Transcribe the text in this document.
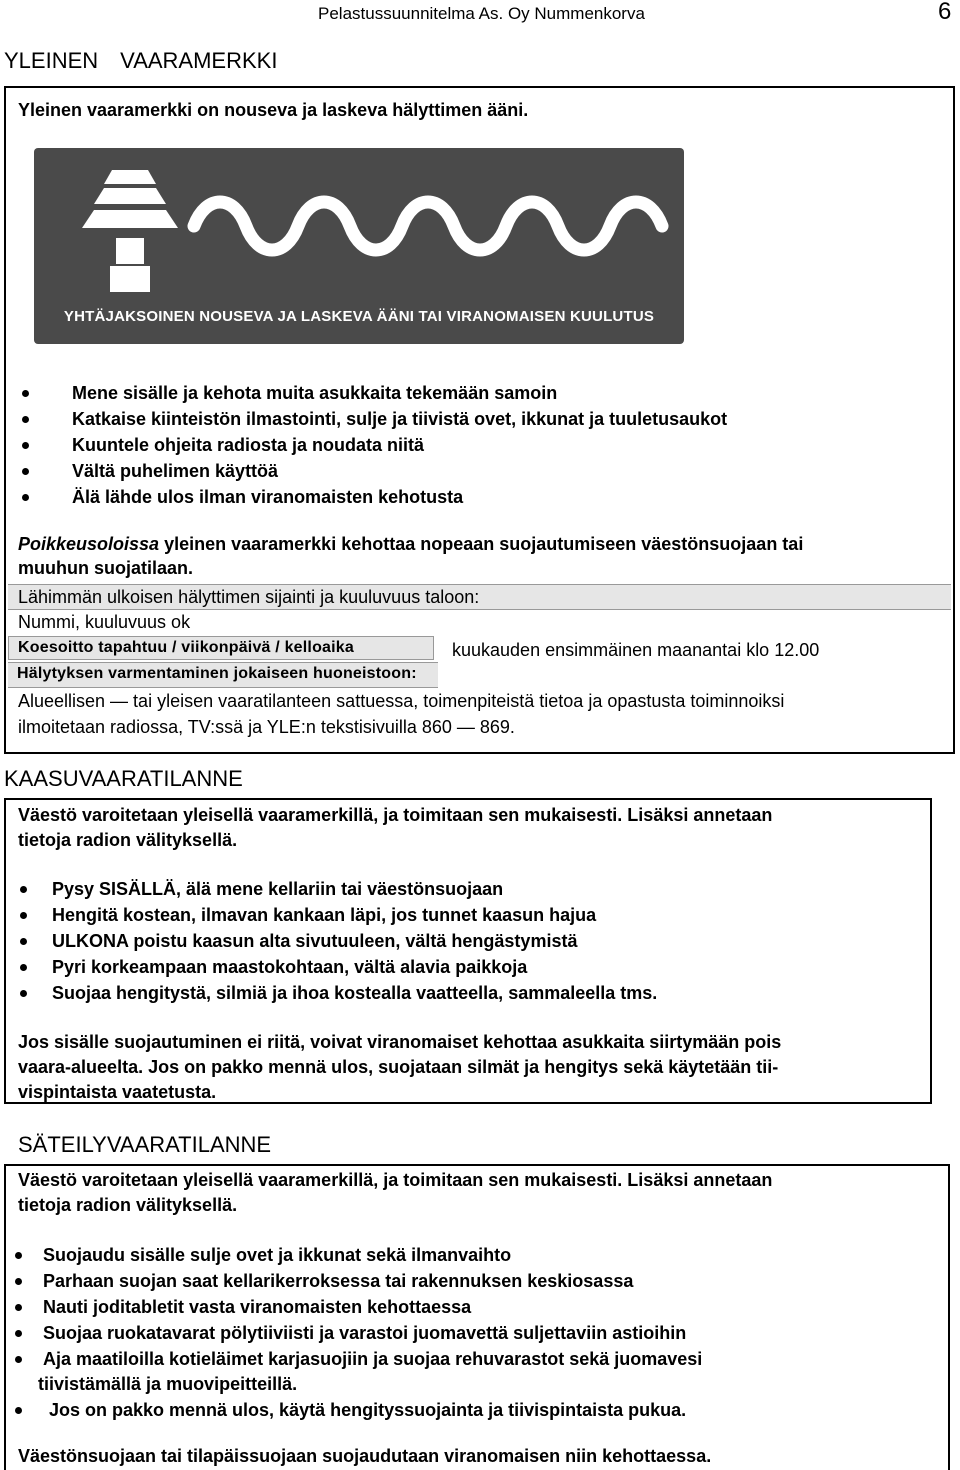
Pelastussuunnitelma As. Oy Nummenkorva	6
YLEINEN VAARAMERKKI
Yleinen vaaramerkki on nouseva ja laskeva hälyttimen ääni.
YHTÄJAKSOINEN NOUSEVA JA LASKEVA ÄÄNI TAI VIRANOMAISEN KUULUTUS
Mene sisälle ja kehota muita asukkaita tekemään samoin
Katkaise kiinteistön ilmastointi, sulje ja tiivistä ovet, ikkunat ja tuuletusaukot
Kuuntele ohjeita radiosta ja noudata niitä
Vältä puhelimen käyttöä
Älä lähde ulos ilman viranomaisten kehotusta
Poikkeusoloissa yleinen vaaramerkki kehottaa nopeaan suojautumiseen väestönsuojaan tai
muuhun suojatilaan.
Lähimmän ulkoisen hälyttimen sijainti ja kuuluvuus taloon:
Nummi, kuuluvuus ok
Koesoitto tapahtuu / viikonpäivä / kelloaika	kuukauden ensimmäinen maanantai klo 12.00
Hälytyksen varmentaminen jokaiseen huoneistoon:
Alueellisen — tai yleisen vaaratilanteen sattuessa, toimenpiteistä tietoa ja opastusta toiminnoiksi
ilmoitetaan radiossa, TV:ssä ja YLE:n tekstisivuilla 860 — 869.
KAASUVAARATILANNE
Väestö varoitetaan yleisellä vaaramerkillä, ja toimitaan sen mukaisesti. Lisäksi annetaan
tietoja radion välityksellä.
Pysy SISÄLLÄ, älä mene kellariin tai väestönsuojaan
Hengitä kostean, ilmavan kankaan läpi, jos tunnet kaasun hajua
ULKONA poistu kaasun alta sivutuuleen, vältä hengästymistä
Pyri korkeampaan maastokohtaan, vältä alavia paikkoja
Suojaa hengitystä, silmiä ja ihoa kostealla vaatteella, sammaleella tms.
Jos sisälle suojautuminen ei riitä, voivat viranomaiset kehottaa asukkaita siirtymään pois
vaara-alueelta. Jos on pakko mennä ulos, suojataan silmät ja hengitys sekä käytetään tii-
vispintaista vaatetusta.
SÄTEILYVAARATILANNE
Väestö varoitetaan yleisellä vaaramerkillä, ja toimitaan sen mukaisesti. Lisäksi annetaan
tietoja radion välityksellä.
Suojaudu sisälle sulje ovet ja ikkunat sekä ilmanvaihto
Parhaan suojan saat kellarikerroksessa tai rakennuksen keskiosassa
Nauti joditabletit vasta viranomaisten kehottaessa
Suojaa ruokatavarat pölytiiviisti ja varastoi juomavettä suljettaviin astioihin
Aja maatiloilla kotieläimet karjasuojiin ja suojaa rehuvarastot sekä juomavesi
tiivistämällä ja muovipeitteillä.
Jos on pakko mennä ulos, käytä hengityssuojainta ja tiivispintaista pukua.
Väestönsuojaan tai tilapäissuojaan suojaudutaan viranomaisen niin kehottaessa.
